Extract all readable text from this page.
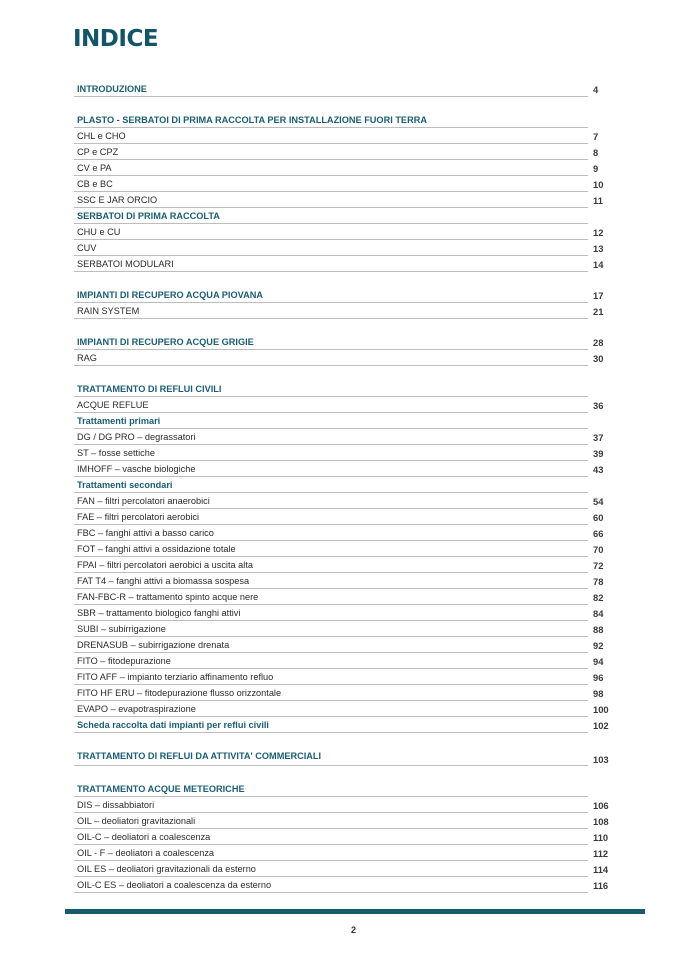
INDICE
INTRODUZIONE	4
PLASTO - SERBATOI DI PRIMA RACCOLTA PER INSTALLAZIONE FUORI TERRA
CHL e CHO	7
CP e CPZ	8
CV e PA	9
CB e BC	10
SSC E JAR ORCIO	11
SERBATOI DI PRIMA RACCOLTA
CHU e CU	12
CUV	13
SERBATOI MODULARI	14
IMPIANTI DI RECUPERO ACQUA PIOVANA	17
RAIN SYSTEM	21
IMPIANTI DI RECUPERO ACQUE GRIGIE	28
RAG	30
TRATTAMENTO DI REFLUI CIVILI
ACQUE REFLUE	36
Trattamenti primari
DG / DG PRO – degrassatori	37
ST – fosse settiche	39
IMHOFF – vasche biologiche	43
Trattamenti secondari
FAN – filtri percolatori anaerobici	54
FAE – filtri percolatori aerobici	60
FBC – fanghi attivi a basso carico	66
FOT – fanghi attivi a ossidazione totale	70
FPAI – filtri percolatori aerobici a uscita alta	72
FAT T4 – fanghi attivi a biomassa sospesa	78
FAN-FBC-R – trattamento spinto acque nere	82
SBR – trattamento biologico fanghi attivi	84
SUBI – subirrigazione	88
DRENASUB – subirrigazione drenata	92
FITO – fitodepurazione	94
FITO AFF – impianto terziario affinamento refluo	96
FITO HF ERU – fitodepurazione flusso orizzontale	98
EVAPO – evapotraspirazione	100
Scheda raccolta dati impianti per reflui civili	102
TRATTAMENTO DI REFLUI DA ATTIVITA' COMMERCIALI	103
TRATTAMENTO ACQUE METEORICHE
DIS – dissabbiatori	106
OIL – deoliatori gravitazionali	108
OIL-C – deoliatori a coalescenza	110
OIL - F – deoliatori a coalescenza	112
OIL ES – deoliatori gravitazionali da esterno	114
OIL-C ES – deoliatori a coalescenza da esterno	116
2
